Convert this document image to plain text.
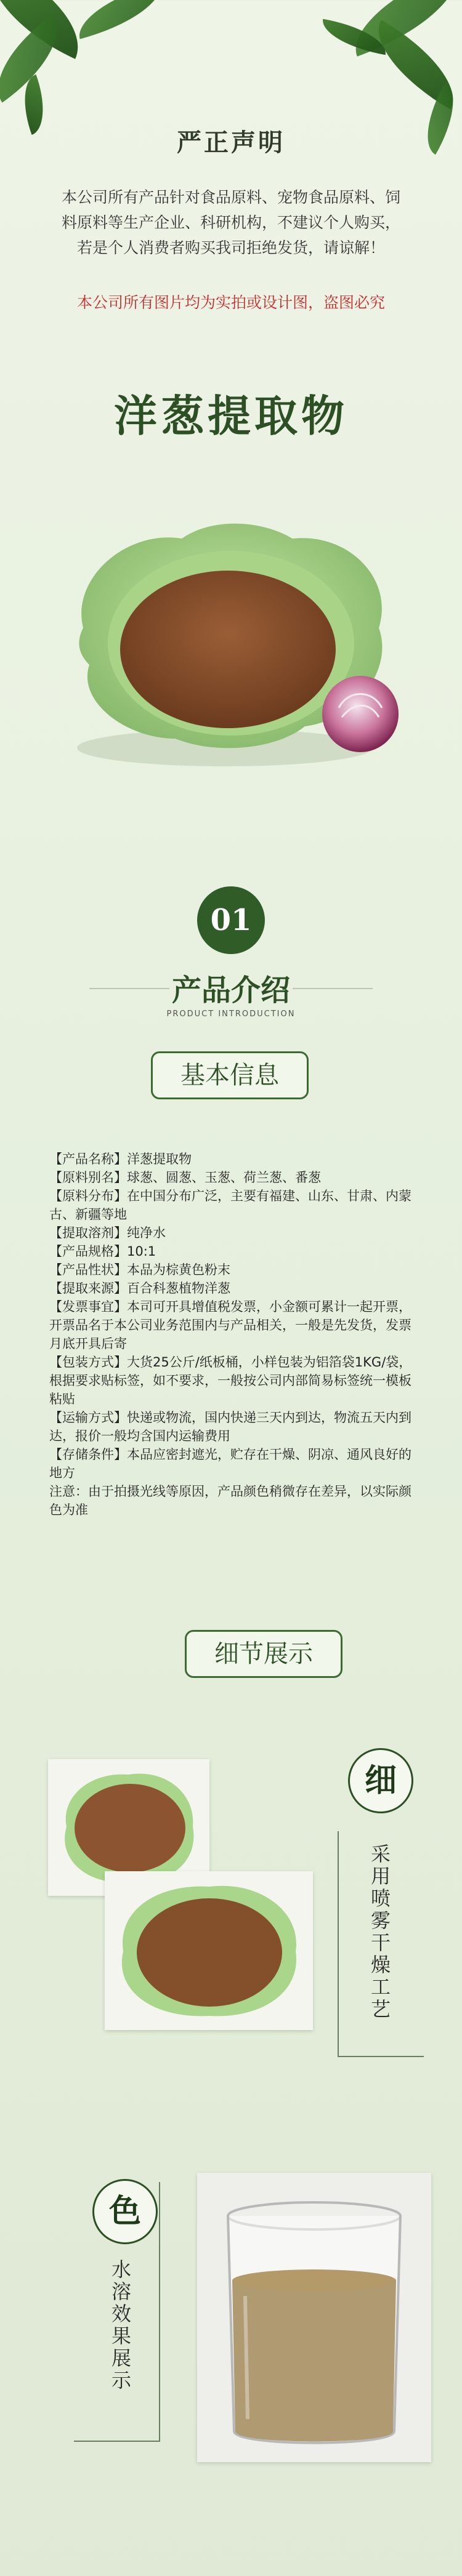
严正声明
本公司所有产品针对食品原料、宠物食品原料、饲料原料等生产企业、科研机构，不建议个人购买，若是个人消费者购买我司拒绝发货，请谅解！
本公司所有图片均为实拍或设计图，盗图必究
洋葱提取物
01
产品介绍
PRODUCT INTRODUCTION
基本信息
【产品名称】洋葱提取物
【原料别名】球葱、圆葱、玉葱、荷兰葱、番葱
【原料分布】在中国分布广泛，主要有福建、山东、甘肃、内蒙古、新疆等地
【提取溶剂】纯净水
【产品规格】10:1
【产品性状】本品为棕黄色粉末
【提取来源】百合科葱植物洋葱
【发票事宜】本司可开具增值税发票，小金额可累计一起开票，开票品名于本公司业务范围内与产品相关，一般是先发货，发票月底开具后寄
【包装方式】大货25公斤/纸板桶，小样包装为铝箔袋1KG/袋，根据要求贴标签，如不要求，一般按公司内部简易标签统一模板粘贴
【运输方式】快递或物流，国内快递三天内到达，物流五天内到达，报价一般均含国内运输费用
【存储条件】本品应密封遮光，贮存在干燥、阴凉、通风良好的地方
注意：由于拍摄光线等原因，产品颜色稍微存在差异，以实际颜色为准
细节展示
细
采用喷雾干燥工艺
色
水溶效果展示
